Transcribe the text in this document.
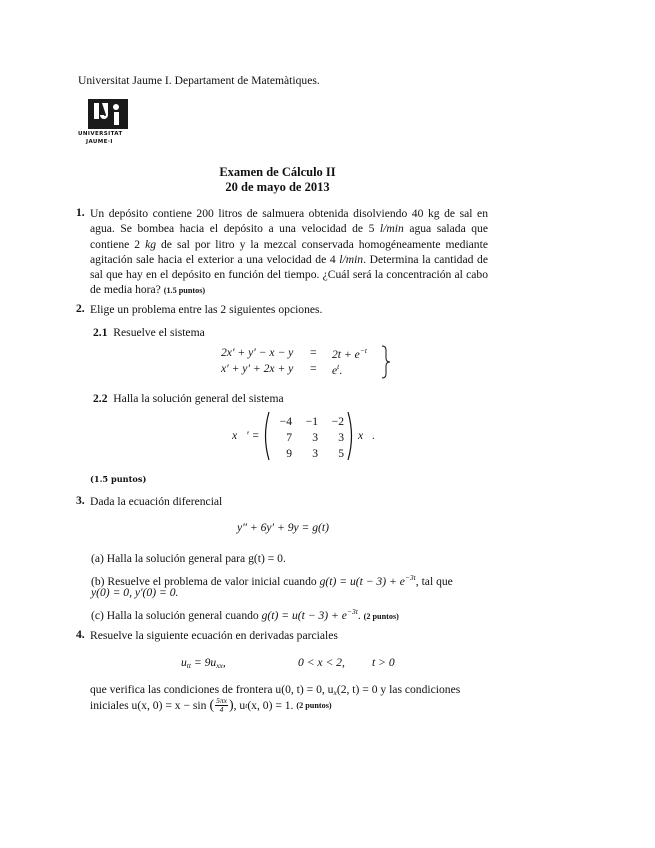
Universitat Jaume I. Departament de Matemàtiques.
UNIVERSITAT
JAUME·I
Examen de Cálculo II
20 de mayo de 2013
1. Un depósito contiene 200 litros de salmuera obtenida disolviendo 40 kg de sal en agua. Se bombea hacia el depósito a una velocidad de 5 l/min agua salada que contiene 2 kg de sal por litro y la mezcal conservada homogéneamente mediante agitación sale hacia el exterior a una velocidad de 4 l/min. Determina la cantidad de sal que hay en el depósito en función del tiempo. ¿Cuál será la concentración al cabo de media hora? (1.5 puntos)
2. Elige un problema entre las 2 siguientes opciones.
2.1 Resuelve el sistema
$2x' + y' - x - y = 2t + e^{-t}$
$x' + y' + 2x + y = e^t$.
2.2 Halla la solución general del sistema
x⃗′ =
−4	−1	−2
7	3	3
9	3	5
x⃗.
(1.5 puntos)
3. Dada la ecuación diferencial
y″ + 6y′ + 9y = g(t)
(a) Halla la solución general para g(t) = 0.
(b) Resuelve el problema de valor inicial cuando $g(t) = u(t - 3) + e^{-3t}$, tal que
y(0) = 0, y′(0) = 0.
(c) Halla la solución general cuando $g(t) = u(t - 3) + e^{-3t}$. (2 puntos)
4. Resuelve la siguiente ecuación en derivadas parciales
$u_{tt} = 9u_{xx}$,	0 < x < 2, t > 0
que verifica las condiciones de frontera u(0, t) = 0, $u_x(2$, t) = 0 y las condiciones
iniciales u(x, 0) = x − sin ( $\frac{5\pi x}{4}$ ) , u t (x, 0) = 1.
(2 puntos)
